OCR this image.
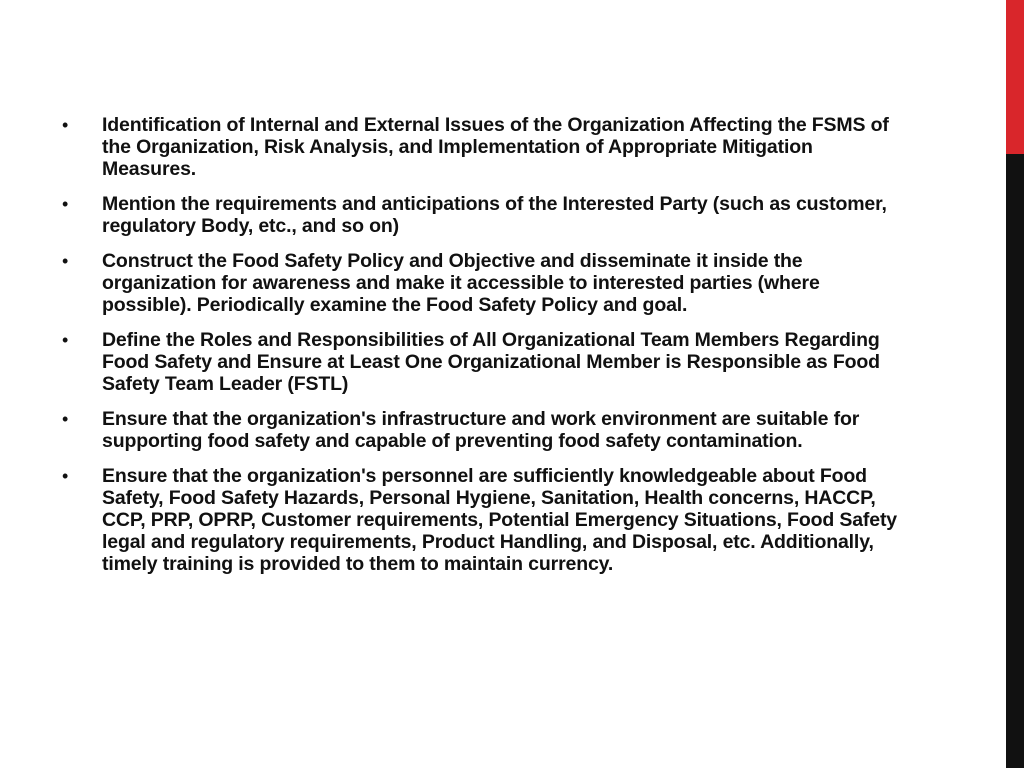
• Identification of Internal and External Issues of the Organization Affecting the FSMS of the Organization, Risk Analysis, and Implementation of Appropriate Mitigation Measures.
• Mention the requirements and anticipations of the Interested Party (such as customer, regulatory Body, etc., and so on)
• Construct the Food Safety Policy and Objective and disseminate it inside the organization for awareness and make it accessible to interested parties (where possible). Periodically examine the Food Safety Policy and goal.
• Define the Roles and Responsibilities of All Organizational Team Members Regarding Food Safety and Ensure at Least One Organizational Member is Responsible as Food Safety Team Leader (FSTL)
• Ensure that the organization's infrastructure and work environment are suitable for supporting food safety and capable of preventing food safety contamination.
• Ensure that the organization's personnel are sufficiently knowledgeable about Food Safety, Food Safety Hazards, Personal Hygiene, Sanitation, Health concerns, HACCP, CCP, PRP, OPRP, Customer requirements, Potential Emergency Situations, Food Safety legal and regulatory requirements, Product Handling, and Disposal, etc. Additionally, timely training is provided to them to maintain currency.
